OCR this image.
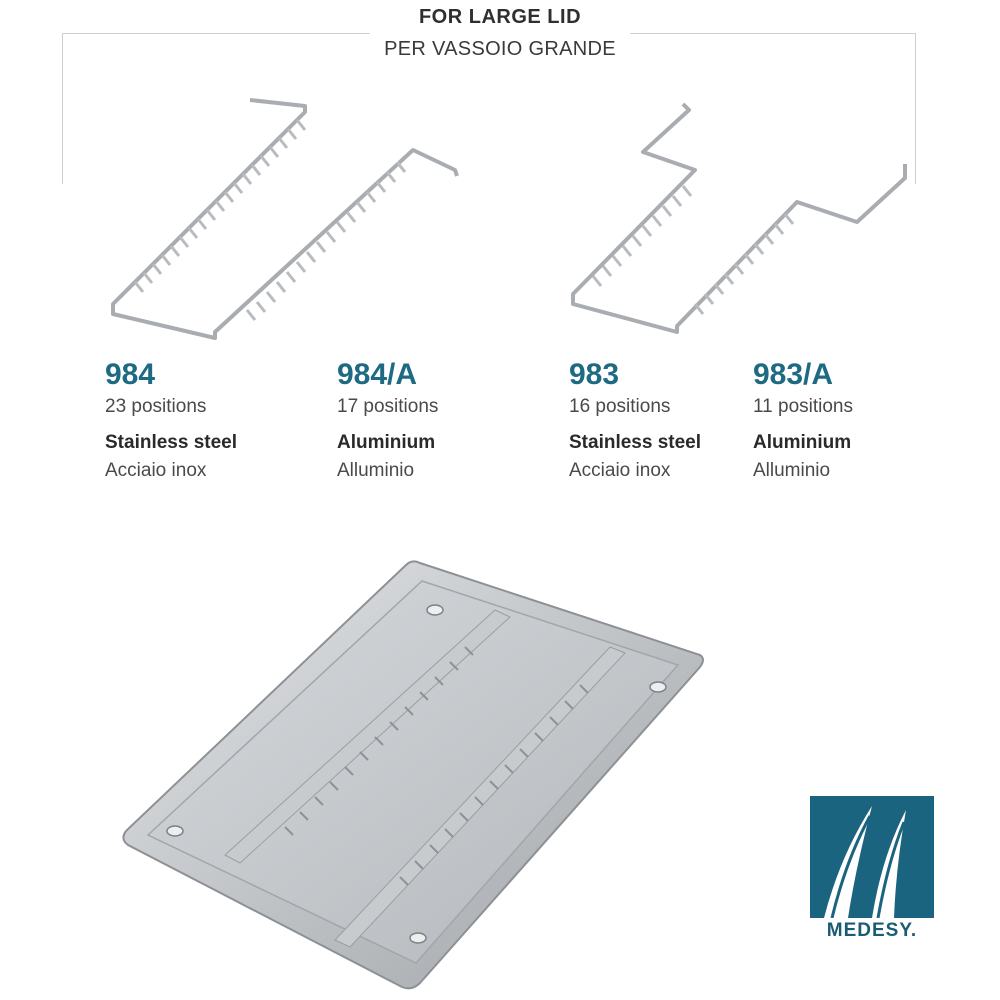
FOR LARGE LID
PER VASSOIO GRANDE
984
23 positions
Stainless steel
Acciaio inox
984/A
17 positions
Aluminium
Alluminio
983
16 positions
Stainless steel
Acciaio inox
983/A
11 positions
Aluminium
Alluminio
MEDESY.
